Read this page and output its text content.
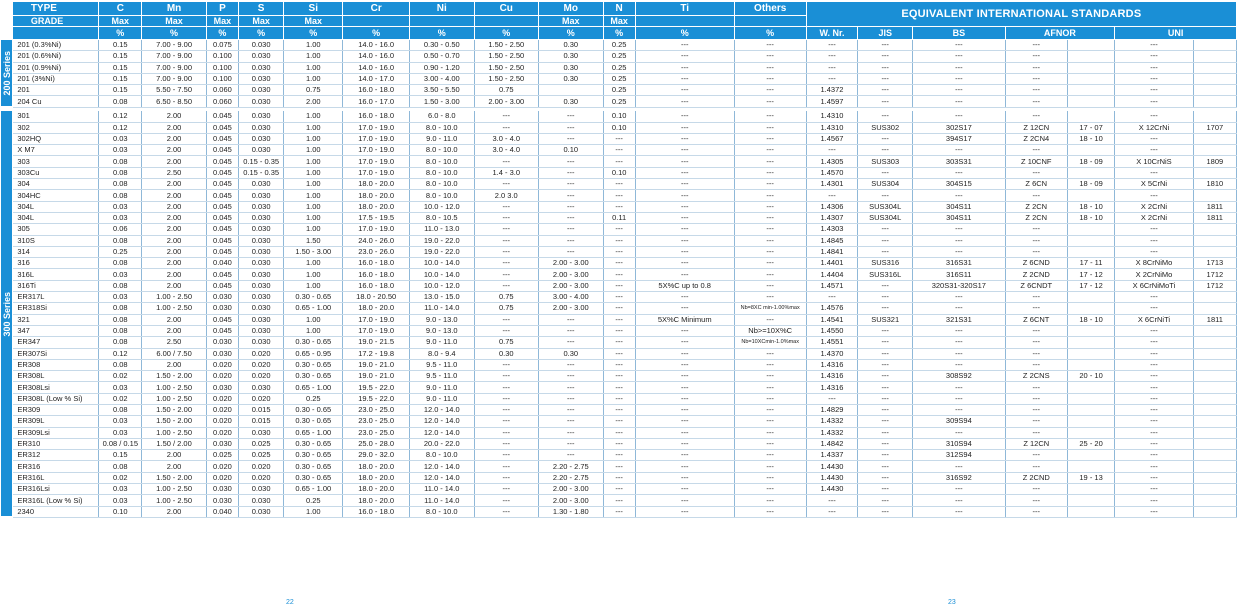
	TYPE	C	Mn	P	S	Si	Cr	Ni	Cu	Mo	N	Ti	Others	EQUIVALENT INTERNATIONAL STANDARDS						
	GRADE	Max	Max	Max	Max	Max				Max	Max									
		%	%	%	%	%	%	%	%	%	%	%	%	W. Nr.	JIS	BS	AFNOR		UNI	

200 Series	201 (0.3%Ni)	0.15	7.00 - 9.00	0.075	0.030	1.00	14.0 - 16.0	0.30 - 0.50	1.50 - 2.50	0.30	0.25	---	---	---	---	---	---		---	
	201 (0.6%Ni)	0.15	7.00 - 9.00	0.100	0.030	1.00	14.0 - 16.0	0.50 - 0.70	1.50 - 2.50	0.30	0.25	---	---	---	---	---	---		---	
	201 (0.9%Ni)	0.15	7.00 - 9.00	0.100	0.030	1.00	14.0 - 16.0	0.90 - 1.20	1.50 - 2.50	0.30	0.25	---	---	---	---	---	---		---	
	201 (3%Ni)	0.15	7.00 - 9.00	0.100	0.030	1.00	14.0 - 17.0	3.00 - 4.00	1.50 - 2.50	0.30	0.25	---	---	---	---	---	---		---	
	201	0.15	5.50 - 7.50	0.060	0.030	0.75	16.0 - 18.0	3.50 - 5.50	0.75		0.25	---	---	1.4372	---	---	---		---	
	204 Cu	0.08	6.50 - 8.50	0.060	0.030	2.00	16.0 - 17.0	1.50 - 3.00	2.00 - 3.00	0.30	0.25	---	---	1.4597	---	---	---		---	

300 Series	301	0.12	2.00	0.045	0.030	1.00	16.0 - 18.0	6.0 - 8.0	---	---	0.10	---	---	1.4310	---	---	---		---	
	302	0.12	2.00	0.045	0.030	1.00	17.0 - 19.0	8.0 - 10.0	---	---	0.10	---	---	1.4310	SUS302	302S17	Z 12CN	17 - 07	X 12CrNi	1707
	302HQ	0.03	2.00	0.045	0.030	1.00	17.0 - 19.0	9.0 - 11.0	3.0 - 4.0	---	---	---	---	1.4567	---	394S17	Z 2CN4	18 - 10	---	
	X M7	0.03	2.00	0.045	0.030	1.00	17.0 - 19.0	8.0 - 10.0	3.0 - 4.0	0.10	---	---	---	---	---	---	---		---	
	303	0.08	2.00	0.045	0.15 - 0.35	1.00	17.0 - 19.0	8.0 - 10.0	---	---	---	---	---	1.4305	SUS303	303S31	Z 10CNF	18 - 09	X 10CrNiS	1809
	303Cu	0.08	2.50	0.045	0.15 - 0.35	1.00	17.0 - 19.0	8.0 - 10.0	1.4 - 3.0	---	0.10	---	---	1.4570	---	---	---		---	
	304	0.08	2.00	0.045	0.030	1.00	18.0 - 20.0	8.0 - 10.0	---	---	---	---	---	1.4301	SUS304	304S15	Z 6CN	18 - 09	X 5CrNi	1810
	304HC	0.08	2.00	0.045	0.030	1.00	18.0 - 20.0	8.0 - 10.0	2.0 3.0	---	---	---	---	---	---	---	---		---	
	304L	0.03	2.00	0.045	0.030	1.00	18.0 - 20.0	10.0 - 12.0	---	---	---	---	---	1.4306	SUS304L	304S11	Z 2CN	18 - 10	X 2CrNi	1811
	304L	0.03	2.00	0.045	0.030	1.00	17.5 - 19.5	8.0 - 10.5	---	---	0.11	---	---	1.4307	SUS304L	304S11	Z 2CN	18 - 10	X 2CrNi	1811
	305	0.06	2.00	0.045	0.030	1.00	17.0 - 19.0	11.0 - 13.0	---	---	---	---	---	1.4303	---	---	---		---	
	310S	0.08	2.00	0.045	0.030	1.50	24.0 - 26.0	19.0 - 22.0	---	---	---	---	---	1.4845	---	---	---		---	
	314	0.25	2.00	0.045	0.030	1.50 - 3.00	23.0 - 26.0	19.0 - 22.0	---	---	---	---	---	1.4841	---	---	---		---	
	316	0.08	2.00	0.040	0.030	1.00	16.0 - 18.0	10.0 - 14.0	---	2.00 - 3.00	---	---	---	1.4401	SUS316	316S31	Z 6CND	17 - 11	X 8CrNiMo	1713
	316L	0.03	2.00	0.045	0.030	1.00	16.0 - 18.0	10.0 - 14.0	---	2.00 - 3.00	---	---	---	1.4404	SUS316L	316S11	Z 2CND	17 - 12	X 2CrNiMo	1712
	316Ti	0.08	2.00	0.045	0.030	1.00	16.0 - 18.0	10.0 - 12.0	---	2.00 - 3.00	---	5X%C up to 0.8	---	1.4571	---	320S31-320S17	Z 6CNDT	17 - 12	X 6CrNiMoTi	1712
	ER317L	0.03	1.00 - 2.50	0.030	0.030	0.30 - 0.65	18.0 - 20.50	13.0 - 15.0	0.75	3.00 - 4.00	---	---	---	---	---	---	---		---	
	ER318Si	0.08	1.00 - 2.50	0.030	0.030	0.65 - 1.00	18.0 - 20.0	11.0 - 14.0	0.75	2.00 - 3.00	---	---	Nb=8XC min-1.00%max	1.4576	---	---	---		---	
	321	0.08	2.00	0.045	0.030	1.00	17.0 - 19.0	9.0 - 13.0	---	---	---	5X%C Minimum	---	1.4541	SUS321	321S31	Z 6CNT	18 - 10	X 6CrNiTi	1811
	347	0.08	2.00	0.045	0.030	1.00	17.0 - 19.0	9.0 - 13.0	---	---	---	---	Nb>=10X%C	1.4550	---	---	---		---	
	ER347	0.08	2.50	0.030	0.030	0.30 - 0.65	19.0 - 21.5	9.0 - 11.0	0.75	---	---	---	Nb=10XCmin-1.0%max	1.4551	---	---	---		---	
	ER307Si	0.12	6.00 / 7.50	0.030	0.020	0.65 - 0.95	17.2 - 19.8	8.0 - 9.4	0.30	0.30	---	---	---	1.4370	---	---	---		---	
	ER308	0.08	2.00	0.020	0.020	0.30 - 0.65	19.0 - 21.0	9.5 - 11.0	---	---	---	---	---	1.4316	---	---	---		---	
	ER308L	0.02	1.50 - 2.00	0.020	0.020	0.30 - 0.65	19.0 - 21.0	9.5 - 11.0	---	---	---	---	---	1.4316	---	308S92	Z 2CNS	20 - 10	---	
	ER308Lsi	0.03	1.00 - 2.50	0.030	0.030	0.65 - 1.00	19.5 - 22.0	9.0 - 11.0	---	---	---	---	---	1.4316	---	---	---		---	
	ER308L (Low % Si)	0.02	1.00 - 2.50	0.020	0.020	0.25	19.5 - 22.0	9.0 - 11.0	---	---	---	---	---	---	---	---	---		---	
	ER309	0.08	1.50 - 2.00	0.020	0.015	0.30 - 0.65	23.0 - 25.0	12.0 - 14.0	---	---	---	---	---	1.4829	---	---	---		---	
	ER309L	0.03	1.50 - 2.00	0.020	0.015	0.30 - 0.65	23.0 - 25.0	12.0 - 14.0	---	---	---	---	---	1.4332	---	309S94	---		---	
	ER309Lsi	0.03	1.00 - 2.50	0.020	0.030	0.65 - 1.00	23.0 - 25.0	12.0 - 14.0	---	---	---	---	---	1.4332	---	---	---		---	
	ER310	0.08 / 0.15	1.50 / 2.00	0.030	0.025	0.30 - 0.65	25.0 - 28.0	20.0 - 22.0	---	---	---	---	---	1.4842	---	310S94	Z 12CN	25 - 20	---	
	ER312	0.15	2.00	0.025	0.025	0.30 - 0.65	29.0 - 32.0	8.0 - 10.0	---	---	---	---	---	1.4337	---	312S94	---		---	
	ER316	0.08	2.00	0.020	0.020	0.30 - 0.65	18.0 - 20.0	12.0 - 14.0	---	2.20 - 2.75	---	---	---	1.4430	---	---	---		---	
	ER316L	0.02	1.50 - 2.00	0.020	0.020	0.30 - 0.65	18.0 - 20.0	12.0 - 14.0	---	2.20 - 2.75	---	---	---	1.4430	---	316S92	Z 2CND	19 - 13	---	
	ER316Lsi	0.03	1.00 - 2.50	0.030	0.030	0.65 - 1.00	18.0 - 20.0	11.0 - 14.0	---	2.00 - 3.00	---	---	---	1.4430	---	---	---		---	
	ER316L (Low % Si)	0.03	1.00 - 2.50	0.030	0.030	0.25	18.0 - 20.0	11.0 - 14.0	---	2.00 - 3.00	---	---	---	---	---	---	---		---	
	2340	0.10	2.00	0.040	0.030	1.00	16.0 - 18.0	8.0 - 10.0	---	1.30 - 1.80	---	---	---	---	---	---	---		---	
22	23
